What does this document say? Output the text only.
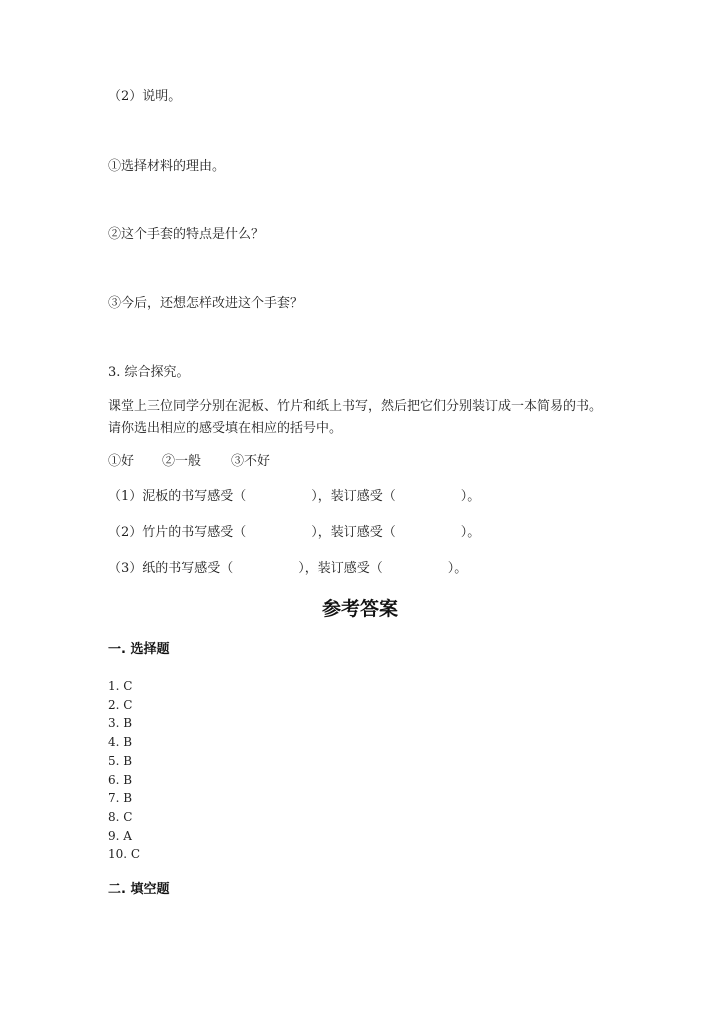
（2）说明。
①选择材料的理由。
②这个手套的特点是什么？
③今后，还想怎样改进这个手套？
3. 综合探究。
课堂上三位同学分别在泥板、竹片和纸上书写，然后把它们分别装订成一本简易的书。请你选出相应的感受填在相应的括号中。
①好 ②一般 ③不好
（1）泥板的书写感受（　　　　　），装订感受（　　　　　）。
（2）竹片的书写感受（　　　　　），装订感受（　　　　　）。
（3）纸的书写感受（　　　　　），装订感受（　　　　　）。
参考答案
一. 选择题
1. C
2. C
3. B
4. B
5. B
6. B
7. B
8. C
9. A
10. C
二. 填空题
